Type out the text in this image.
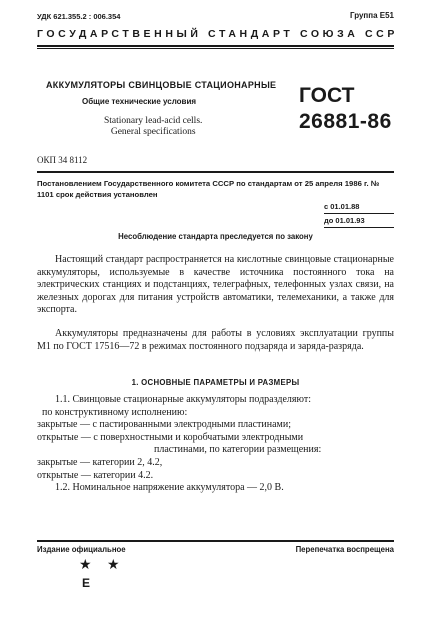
УДК 621.355.2 : 006.354	Группа Е51
ГОСУДАРСТВЕННЫЙ СТАНДАРТ СОЮЗА ССР
АККУМУЛЯТОРЫ СВИНЦОВЫЕ СТАЦИОНАРНЫЕ
Общие технические условия
Stationary lead-acid cells.
General specifications
ГОСТ
26881-86
ОКП 34 8112
Постановлением Государственного комитета СССР по стандартам от 25 апреля 1986 г. № 1101 срок действия установлен
с 01.01.88
до 01.01.93
Несоблюдение стандарта преследуется по закону
Настоящий стандарт распространяется на кислотные свинцовые стационарные аккумуляторы, используемые в качестве источника постоянного тока на электрических станциях и подстанциях, телеграфных, телефонных узлах связи, на железных дорогах для питания устройств автоматики, телемеханики, а также для экспорта.
Аккумуляторы предназначены для работы в условиях эксплуатации группы М1 по ГОСТ 17516—72 в режимах постоянного подзаряда и заряда-разряда.
1. ОСНОВНЫЕ ПАРАМЕТРЫ И РАЗМЕРЫ
1.1. Свинцовые стационарные аккумуляторы подразделяют:
по конструктивному исполнению:
закрытые — с пастированными электродными пластинами;
открытые — с поверхностными и коробчатыми электродными
пластинами, по категории размещения:
закрытые — категории 2, 4.2,
открытые — категории 4.2.
1.2. Номинальное напряжение аккумулятора — 2,0 В.
Издание официальное	Перепечатка воспрещена
★ ★
Е
